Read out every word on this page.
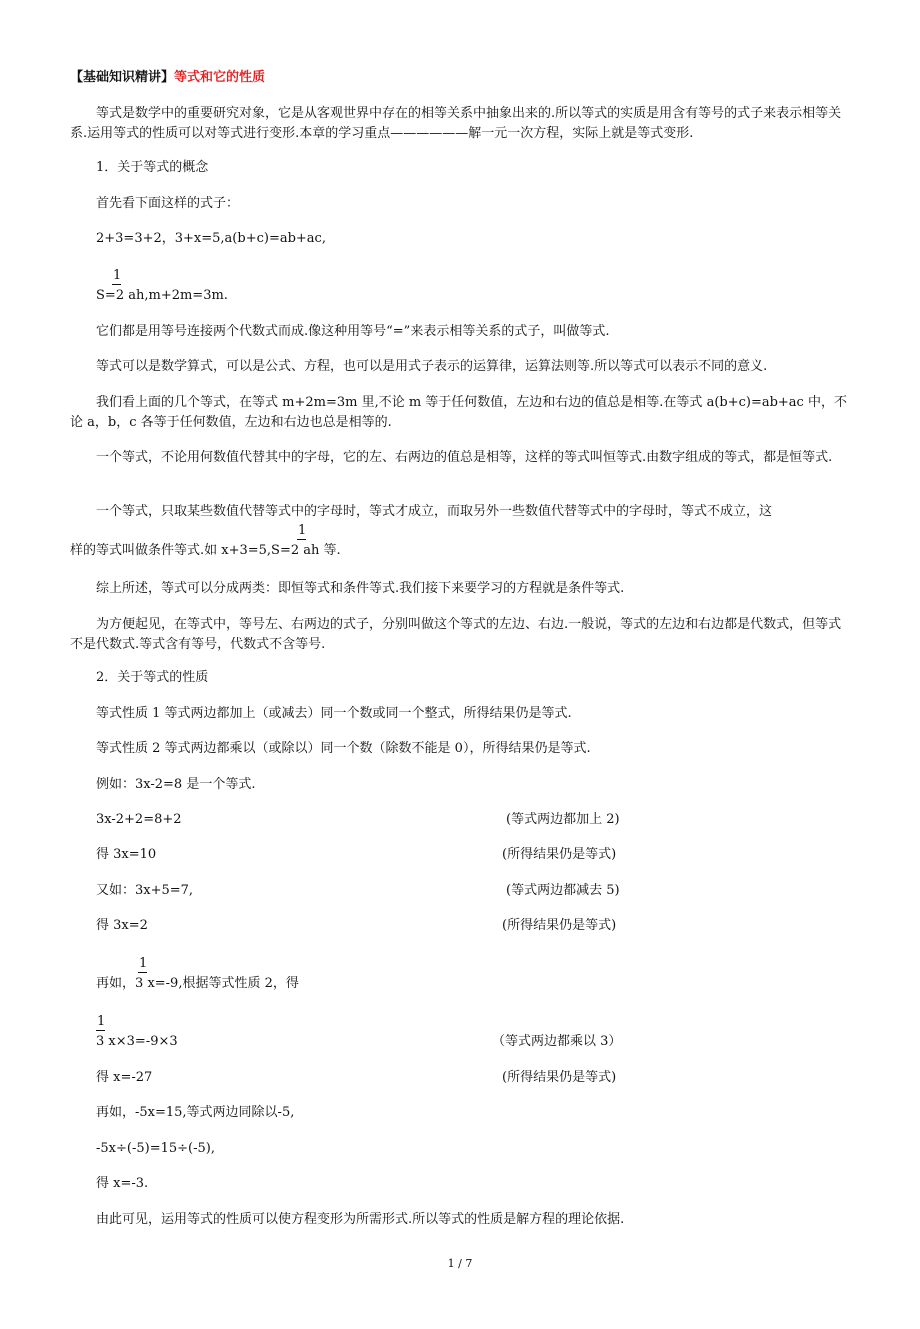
【基础知识精讲】等式和它的性质
等式是数学中的重要研究对象，它是从客观世界中存在的相等关系中抽象出来的.所以等式的实质是用含有等号的式子来表示相等关系.运用等式的性质可以对等式进行变形.本章的学习重点——————解一元一次方程，实际上就是等式变形.
1．关于等式的概念
首先看下面这样的式子：
2+3=3+2，3+x=5,a(b+c)=ab+ac,
1
S=2 ah,m+2m=3m.
它们都是用等号连接两个代数式而成.像这种用等号“=”来表示相等关系的式子，叫做等式.
等式可以是数学算式，可以是公式、方程，也可以是用式子表示的运算律，运算法则等.所以等式可以表示不同的意义.
我们看上面的几个等式，在等式 m+2m=3m 里,不论 m 等于任何数值，左边和右边的值总是相等.在等式 a(b+c)=ab+ac 中，不论 a，b，c 各等于任何数值，左边和右边也总是相等的.
一个等式，不论用何数值代替其中的字母，它的左、右两边的值总是相等，这样的等式叫恒等式.由数字组成的等式，都是恒等式.
一个等式，只取某些数值代替等式中的字母时，等式才成立，而取另外一些数值代替等式中的字母时，等式不成立，这
1
样的等式叫做条件等式.如 x+3=5,S=2 ah 等.
综上所述，等式可以分成两类：即恒等式和条件等式.我们接下来要学习的方程就是条件等式.
为方便起见，在等式中，等号左、右两边的式子，分别叫做这个等式的左边、右边.一般说，等式的左边和右边都是代数式，但等式不是代数式.等式含有等号，代数式不含等号.
2．关于等式的性质
等式性质 1 等式两边都加上（或减去）同一个数或同一个整式，所得结果仍是等式.
等式性质 2 等式两边都乘以（或除以）同一个数（除数不能是 0），所得结果仍是等式.
例如：3x-2=8 是一个等式.
3x-2+2=8+2	(等式两边都加上 2)
得 3x=10	(所得结果仍是等式)
又如：3x+5=7,	(等式两边都减去 5)
得 3x=2	(所得结果仍是等式)
1
再如，3 x=-9,根据等式性质 2，得
1
3 x×3=-9×3	（等式两边都乘以 3）
得 x=-27	(所得结果仍是等式)
再如，-5x=15,等式两边同除以-5,
-5x÷(-5)=15÷(-5),
得 x=-3.
由此可见，运用等式的性质可以使方程变形为所需形式.所以等式的性质是解方程的理论依据.
1 / 7
